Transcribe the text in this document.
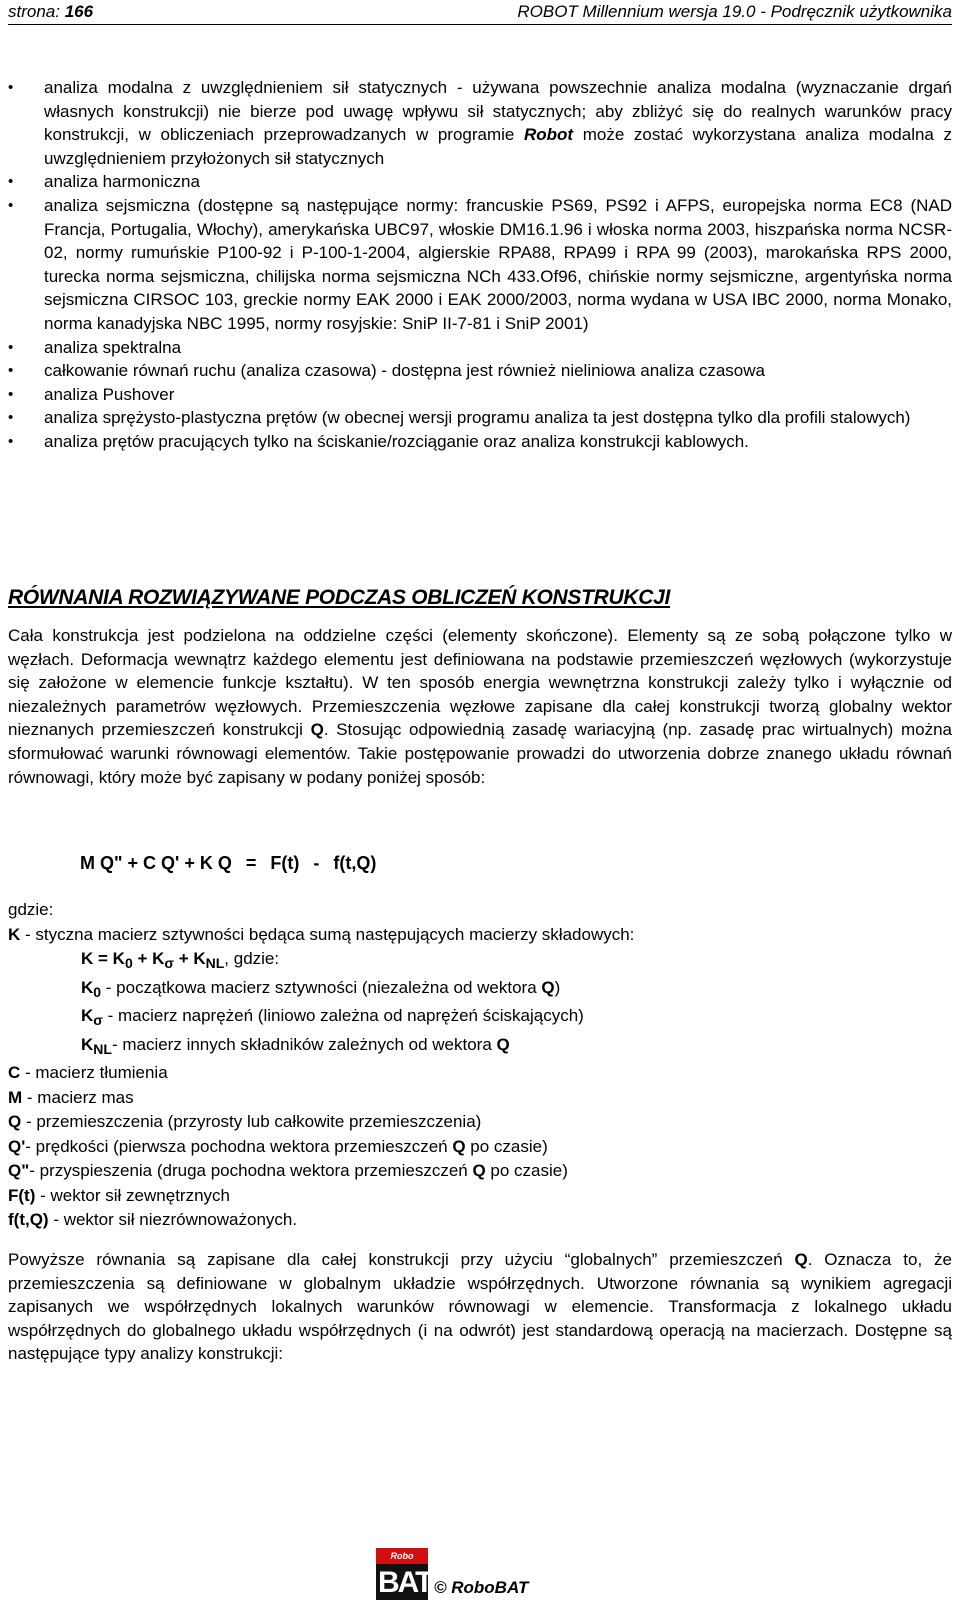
strona: 166	ROBOT Millennium wersja 19.0 - Podręcznik użytkownika
• analiza modalna z uwzględnieniem sił statycznych - używana powszechnie analiza modalna (wyznaczanie drgań własnych konstrukcji) nie bierze pod uwagę wpływu sił statycznych; aby zbliżyć się do realnych warunków pracy konstrukcji, w obliczeniach przeprowadzanych w programie Robot może zostać wykorzystana analiza modalna z uwzględnieniem przyłożonych sił statycznych
• analiza harmoniczna
• analiza sejsmiczna (dostępne są następujące normy: francuskie PS69, PS92 i AFPS, europejska norma EC8 (NAD Francja, Portugalia, Włochy), amerykańska UBC97, włoskie DM16.1.96 i włoska norma 2003, hiszpańska norma NCSR-02, normy rumuńskie P100-92 i P-100-1-2004, algierskie RPA88, RPA99 i RPA 99 (2003), marokańska RPS 2000, turecka norma sejsmiczna, chilijska norma sejsmiczna NCh 433.Of96, chińskie normy sejsmiczne, argentyńska norma sejsmiczna CIRSOC 103, greckie normy EAK 2000 i EAK 2000/2003, norma wydana w USA IBC 2000, norma Monako, norma kanadyjska NBC 1995, normy rosyjskie: SniP II-7-81 i SniP 2001)
• analiza spektralna
• całkowanie równań ruchu (analiza czasowa) - dostępna jest również nieliniowa analiza czasowa
• analiza Pushover
• analiza sprężysto-plastyczna prętów (w obecnej wersji programu analiza ta jest dostępna tylko dla profili stalowych)
• analiza prętów pracujących tylko na ściskanie/rozciąganie oraz analiza konstrukcji kablowych.
RÓWNANIA ROZWIĄZYWANE PODCZAS OBLICZEŃ KONSTRUKCJI

Cała konstrukcja jest podzielona na oddzielne części (elementy skończone). Elementy są ze sobą połączone tylko w węzłach. Deformacja wewnątrz każdego elementu jest definiowana na podstawie przemieszczeń węzłowych (wykorzystuje się założone w elemencie funkcje kształtu). W ten sposób energia wewnętrzna konstrukcji zależy tylko i wyłącznie od niezależnych parametrów węzłowych. Przemieszczenia węzłowe zapisane dla całej konstrukcji tworzą globalny wektor nieznanych przemieszczeń konstrukcji Q. Stosując odpowiednią zasadę wariacyjną (np. zasadę prac wirtualnych) można sformułować warunki równowagi elementów. Takie postępowanie prowadzi do utworzenia dobrze znanego układu równań równowagi, który może być zapisany w podany poniżej sposób:

M Q" + C Q' + K Q = F(t) - f(t,Q)

gdzie:
K - styczna macierz sztywności będąca sumą następujących macierzy składowych:
$K = K_0 + K_\sigma + K_{NL}$, gdzie:
$K_0$ - początkowa macierz sztywności (niezależna od wektora Q)
$K_\sigma$ - macierz naprężeń (liniowo zależna od naprężeń ściskających)
$K_{NL}-$ macierz innych składników zależnych od wektora Q
C - macierz tłumienia
M - macierz mas
Q - przemieszczenia (przyrosty lub całkowite przemieszczenia)
Q'- prędkości (pierwsza pochodna wektora przemieszczeń Q po czasie)
Q"- przyspieszenia (druga pochodna wektora przemieszczeń Q po czasie)
F(t) - wektor sił zewnętrznych
f(t,Q) - wektor sił niezrównoważonych.

Powyższe równania są zapisane dla całej konstrukcji przy użyciu “globalnych” przemieszczeń Q. Oznacza to, że przemieszczenia są definiowane w globalnym układzie współrzędnych. Utworzone równania są wynikiem agregacji zapisanych we współrzędnych lokalnych warunków równowagi w elemencie. Transformacja z lokalnego układu współrzędnych do globalnego układu współrzędnych (i na odwrót) jest standardową operacją na macierzach. Dostępne są następujące typy analizy konstrukcji:

Robo
BAT © RoboBAT
